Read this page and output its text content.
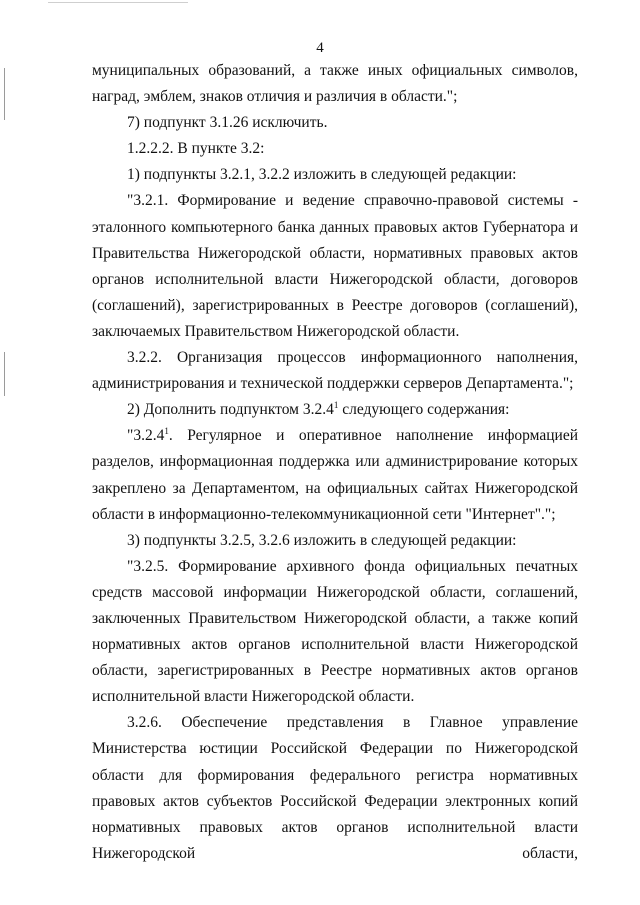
4

муниципальных образований, а также иных официальных символов, наград, эмблем, знаков отличия и различия в области.";

7) подпункт 3.1.26 исключить.

1.2.2.2. В пункте 3.2:

1) подпункты 3.2.1, 3.2.2 изложить в следующей редакции:

"3.2.1. Формирование и ведение справочно-правовой системы - эталонного компьютерного банка данных правовых актов Губернатора и Правительства Нижегородской области, нормативных правовых актов органов исполнительной власти Нижегородской области, договоров (соглашений), зарегистрированных в Реестре договоров (соглашений), заключаемых Правительством Нижегородской области.

3.2.2. Организация процессов информационного наполнения, администрирования и технической поддержки серверов Департамента.";

2) Дополнить подпунктом 3.2.4$^1$ следующего содержания:

"3.2.4$^1$. Регулярное и оперативное наполнение информацией разделов, информационная поддержка или администрирование которых закреплено за Департаментом, на официальных сайтах Нижегородской области в информационно-телекоммуникационной сети "Интернет".";

3) подпункты 3.2.5, 3.2.6 изложить в следующей редакции:

"3.2.5. Формирование архивного фонда официальных печатных средств массовой информации Нижегородской области, соглашений, заключенных Правительством Нижегородской области, а также копий нормативных актов органов исполнительной власти Нижегородской области, зарегистрированных в Реестре нормативных актов органов исполнительной власти Нижегородской области.

3.2.6. Обеспечение представления в Главное управление Министерства юстиции Российской Федерации по Нижегородской области для формирования федерального регистра нормативных правовых актов субъектов Российской Федерации электронных копий нормативных правовых актов органов исполнительной власти Нижегородской области,
